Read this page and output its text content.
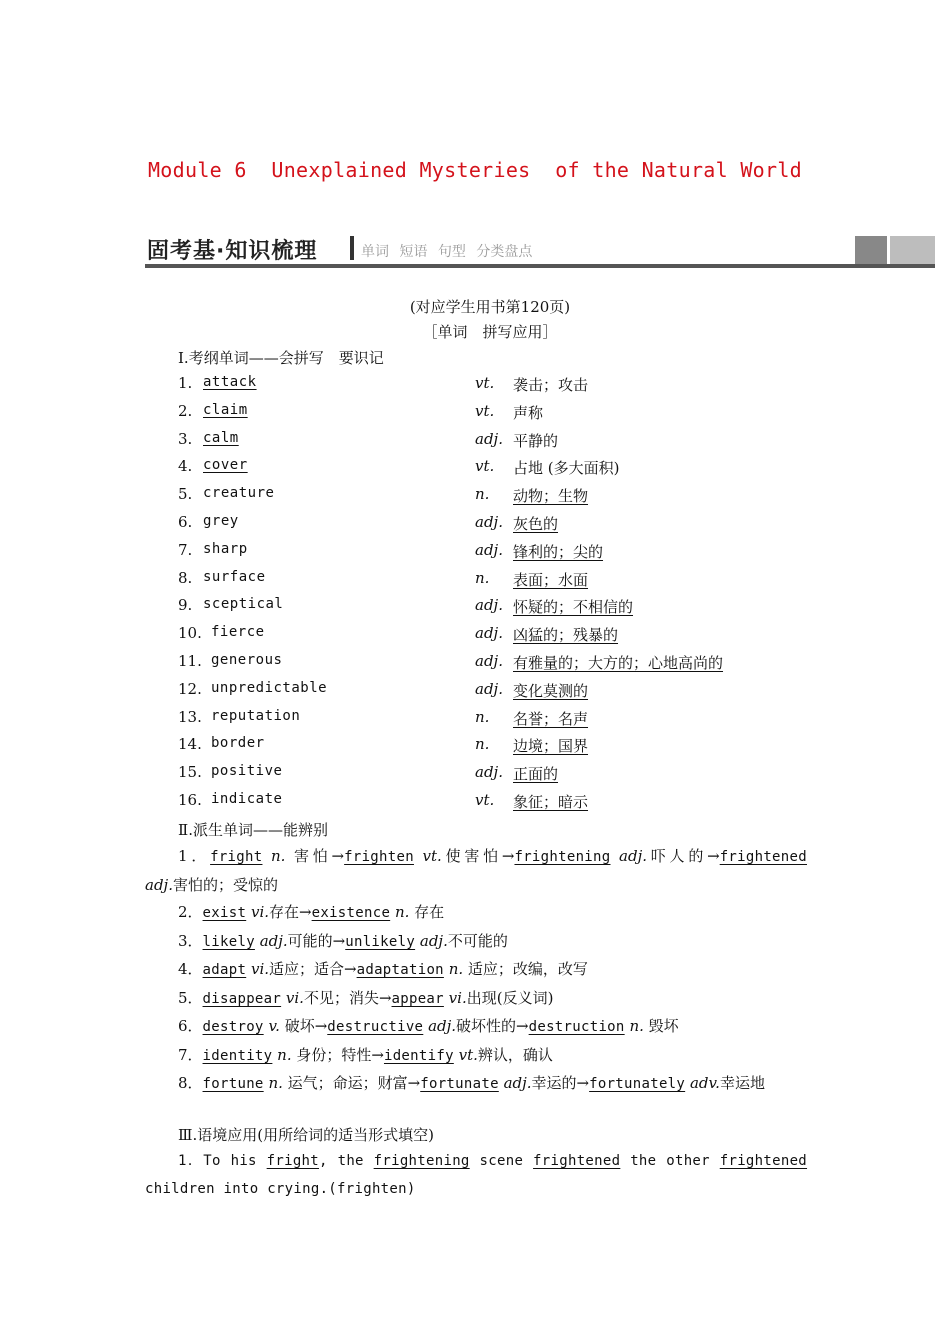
Module 6  Unexplained Mysteries  of the Natural World
固考基·知识梳理	单词 短语 句型 分类盘点
(对应学生用书第120页)
［单词　拼写应用］
Ⅰ.考纲单词——会拼写　要识记
1. attack	vt. 袭击；攻击
2. claim	vt. 声称
3. calm	adj. 平静的
4. cover	vt. 占地 (多大面积)
5. creature	n. 动物；生物
6. grey	adj. 灰色的
7. sharp	adj. 锋利的；尖的
8. surface	n. 表面；水面
9. sceptical	adj. 怀疑的；不相信的
10. fierce	adj. 凶猛的；残暴的
11. generous	adj. 有雅量的；大方的；心地高尚的
12. unpredictable	adj. 变化莫测的
13. reputation	n. 名誉；名声
14. border	n. 边境；国界
15. positive	adj. 正面的
16. indicate	vt. 象征；暗示
Ⅱ.派生单词——能辨别
1．fright n. 害怕→frighten vt.使害怕→frightening adj.吓人的→frightened
adj.害怕的；受惊的
2．exist vi.存在→existence n. 存在
3．likely adj.可能的→unlikely adj.不可能的
4．adapt vi.适应；适合→adaptation n. 适应；改编，改写
5．disappear vi.不见；消失→appear vi.出现(反义词)
6．destroy v. 破坏→destructive adj.破坏性的→destruction n. 毁坏
7．identity n. 身份；特性→identify vt.辨认，确认
8．fortune n. 运气；命运；财富→fortunate adj.幸运的→fortunately adv.幸运地
Ⅲ.语境应用(用所给词的适当形式填空)
1．To his fright, the frightening scene frightened the other frightened
children into crying.(frighten)
